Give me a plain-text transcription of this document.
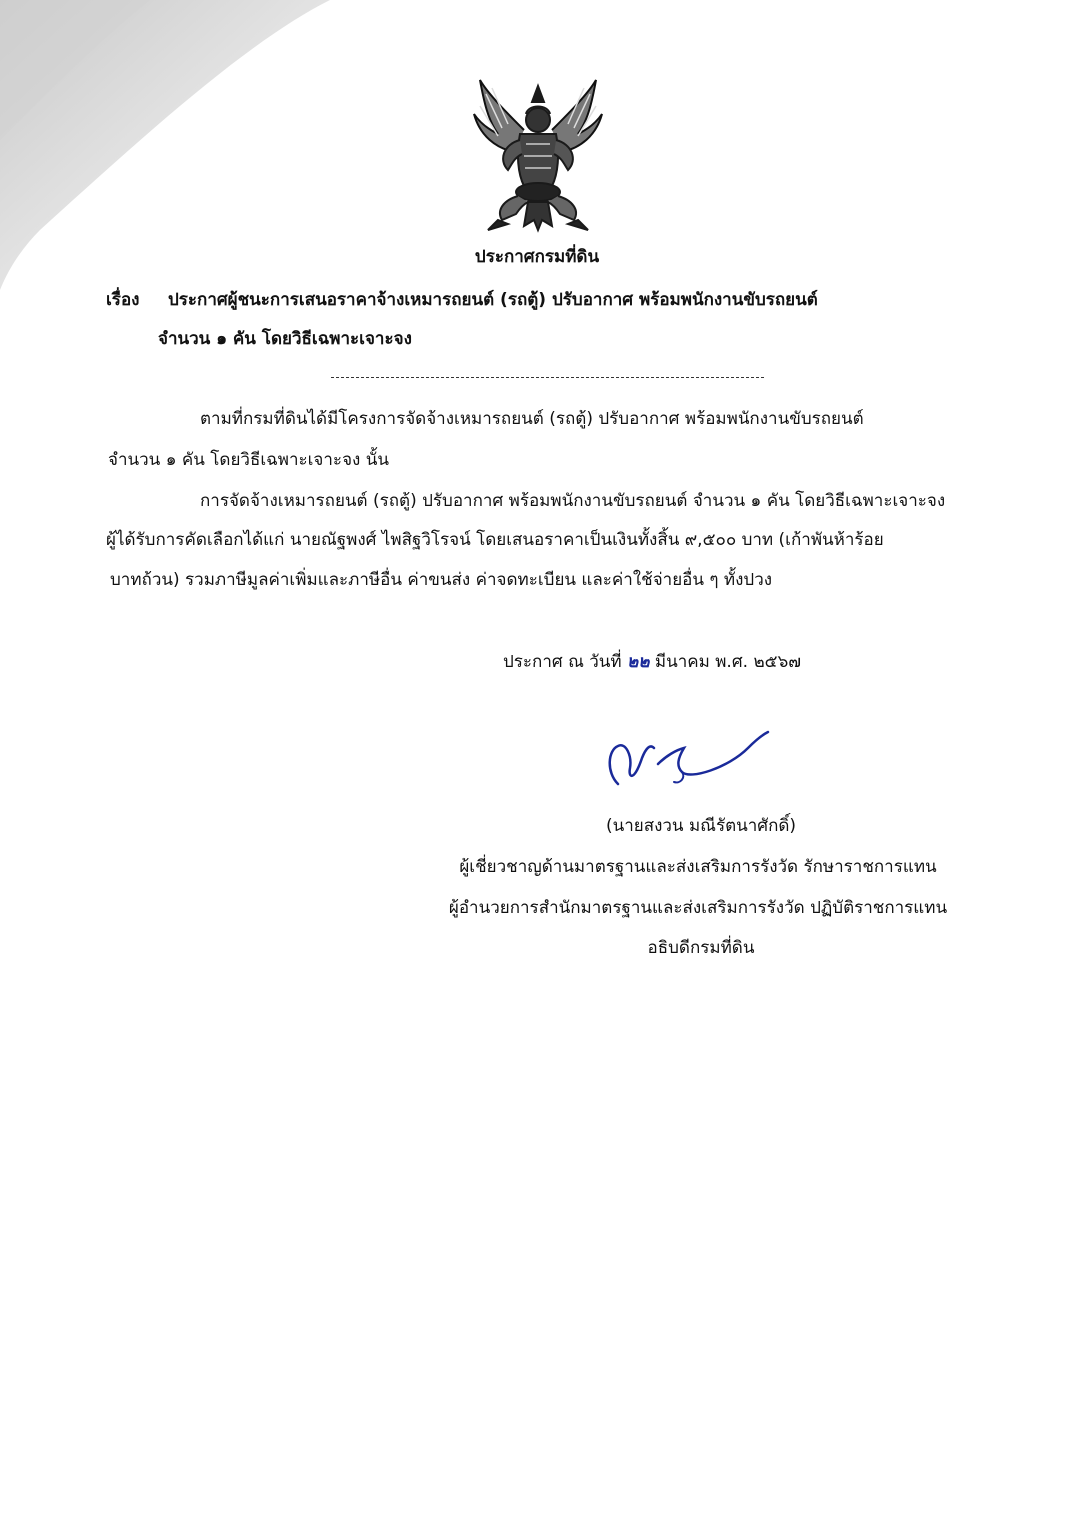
ประกาศกรมที่ดิน
เรื่อง ประกาศผู้ชนะการเสนอราคาจ้างเหมารถยนต์ (รถตู้) ปรับอากาศ พร้อมพนักงานขับรถยนต์
จำนวน ๑ คัน โดยวิธีเฉพาะเจาะจง
ตามที่กรมที่ดินได้มีโครงการจัดจ้างเหมารถยนต์ (รถตู้) ปรับอากาศ พร้อมพนักงานขับรถยนต์
จำนวน ๑ คัน โดยวิธีเฉพาะเจาะจง นั้น
การจัดจ้างเหมารถยนต์ (รถตู้) ปรับอากาศ พร้อมพนักงานขับรถยนต์ จำนวน ๑ คัน โดยวิธีเฉพาะเจาะจง
ผู้ได้รับการคัดเลือกได้แก่ นายณัฐพงศ์ ไพสิฐวิโรจน์ โดยเสนอราคาเป็นเงินทั้งสิ้น ๙,๕๐๐ บาท (เก้าพันห้าร้อย
บาทถ้วน) รวมภาษีมูลค่าเพิ่มและภาษีอื่น ค่าขนส่ง ค่าจดทะเบียน และค่าใช้จ่ายอื่น ๆ ทั้งปวง
ประกาศ ณ วันที่ ๒๒ มีนาคม พ.ศ. ๒๕๖๗
(นายสงวน มณีรัตนาศักดิ์)
ผู้เชี่ยวชาญด้านมาตรฐานและส่งเสริมการรังวัด รักษาราชการแทน
ผู้อำนวยการสำนักมาตรฐานและส่งเสริมการรังวัด ปฏิบัติราชการแทน
อธิบดีกรมที่ดิน
